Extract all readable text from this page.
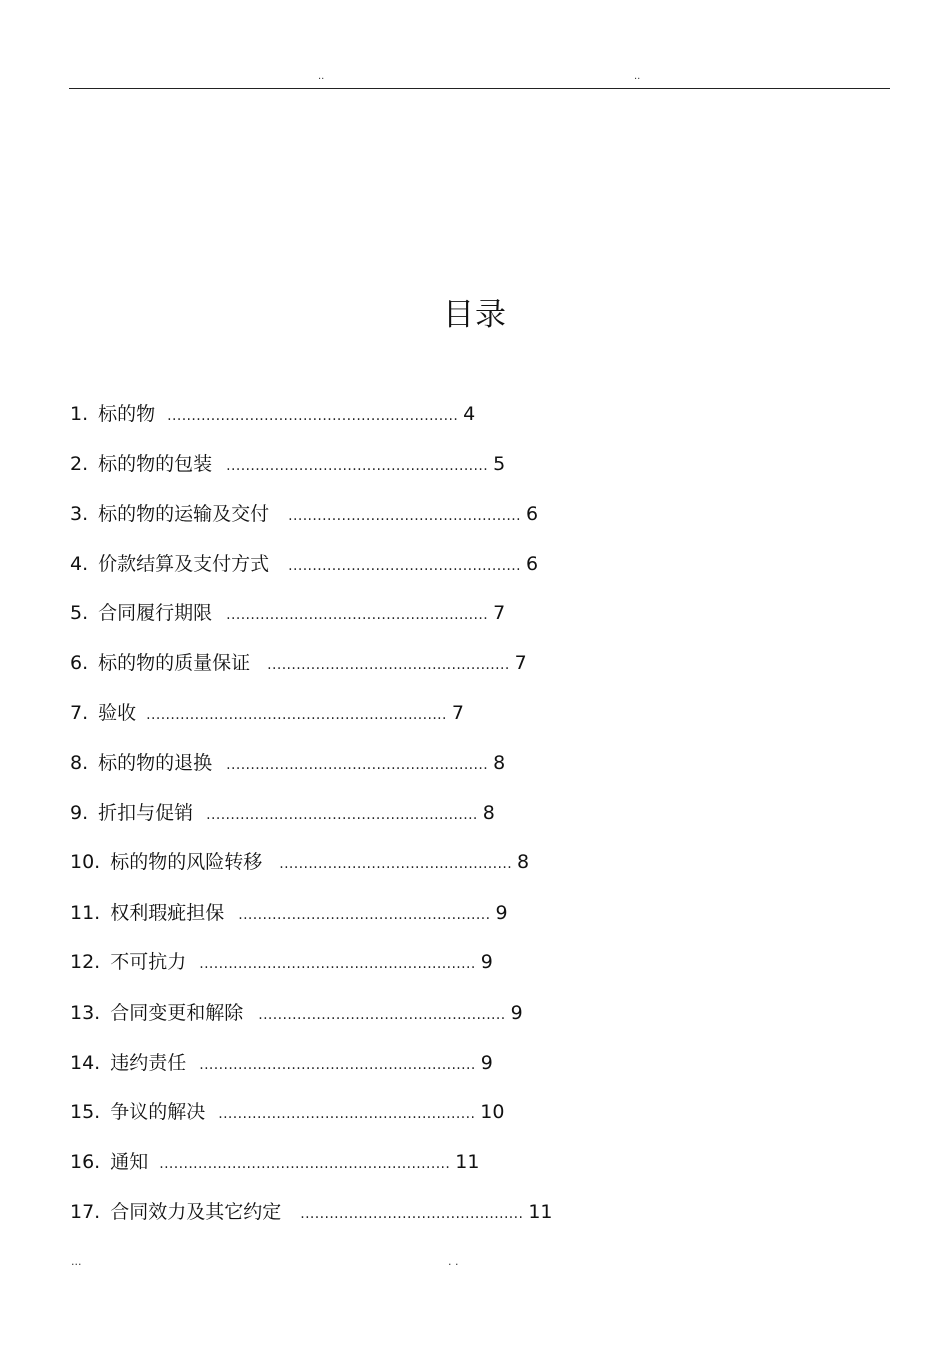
..	..
目录
1. 标的物 ............................................................ 4
2. 标的物的包装 ...................................................... 5
3. 标的物的运输及交付 ................................................ 6
4. 价款结算及支付方式 ................................................ 6
5. 合同履行期限 ...................................................... 7
6. 标的物的质量保证 .................................................. 7
7. 验收 .............................................................. 7
8. 标的物的退换 ...................................................... 8
9. 折扣与促销 ........................................................ 8
10. 标的物的风险转移 ................................................ 8
11. 权利瑕疵担保 .................................................... 9
12. 不可抗力 ......................................................... 9
13. 合同变更和解除 ................................................... 9
14. 违约责任 ......................................................... 9
15. 争议的解决 ..................................................... 10
16. 通知 ............................................................ 11
17. 合同效力及其它约定 .............................................. 11
...	. .
